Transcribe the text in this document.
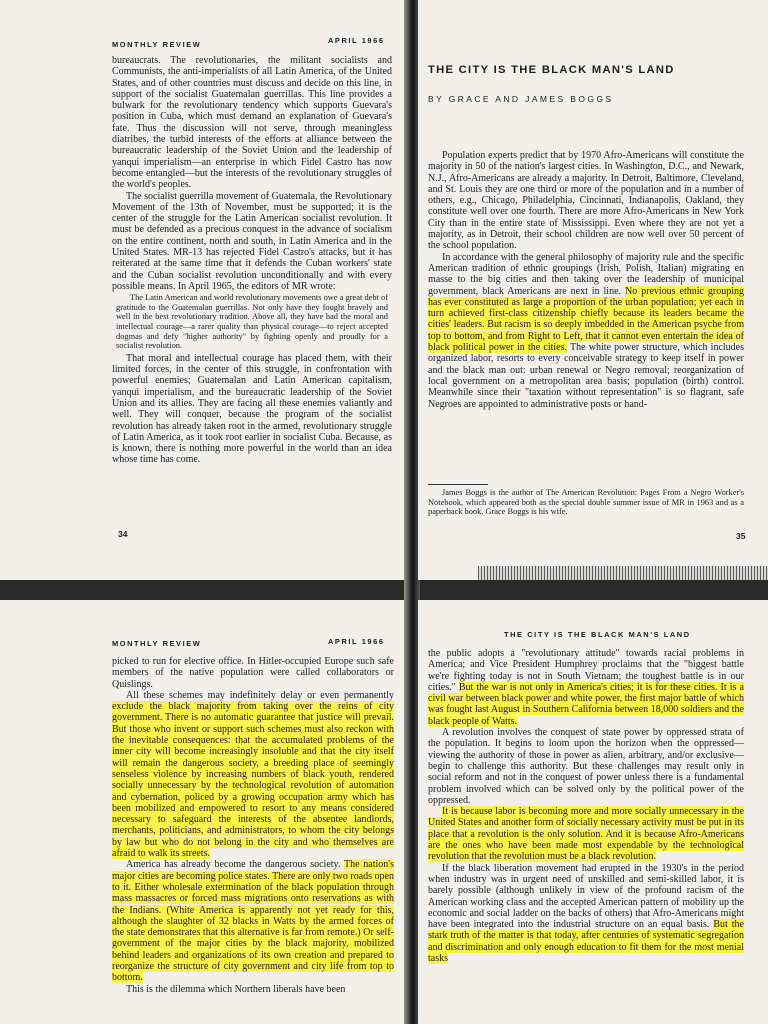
MONTHLY REVIEW	APRIL 1966

bureaucrats. The revolutionaries, the militant socialists and Communists, the anti-imperialists of all Latin America, of the United States, and of other countries must discuss and decide on this line, in support of the socialist Guatemalan guerrillas. This line provides a bulwark for the revolutionary tendency which supports Guevara's position in Cuba, which must demand an explanation of Guevara's fate. Thus the discussion will not serve, through meaningless diatribes, the turbid interests of the efforts at alliance between the bureaucratic leadership of the Soviet Union and the leadership of yanqui imperialism—an enterprise in which Fidel Castro has now become entangled—but the interests of the revolutionary struggles of the world's peoples.

The socialist guerrilla movement of Guatemala, the Revolutionary Movement of the 13th of November, must be supported; it is the center of the struggle for the Latin American socialist revolution. It must be defended as a precious conquest in the advance of socialism on the entire continent, north and south, in Latin America and in the United States. MR-13 has rejected Fidel Castro's attacks, but it has reiterated at the same time that it defends the Cuban workers' state and the Cuban socialist revolution unconditionally and with every possible means. In April 1965, the editors of MR wrote:

The Latin American and world revolutionary movements owe a great debt of gratitude to the Guatemalan guerrillas. Not only have they fought bravely and well in the best revolutionary tradition. Above all, they have had the moral and intellectual courage—a rarer quality than physical courage—to reject accepted dogmas and defy "higher authority" by fighting openly and proudly for a socialist revolution.

That moral and intellectual courage has placed them, with their limited forces, in the center of this struggle, in confrontation with powerful enemies; Guatemalan and Latin American capitalism, yanqui imperialism, and the bureaucratic leadership of the Soviet Union and its allies. They are facing all these enemies valiantly and well. They will conquer, because the program of the socialist revolution has already taken root in the armed, revolutionary struggle of Latin America, as it took root earlier in socialist Cuba. Because, as is known, there is nothing more powerful in the world than an idea whose time has come.

34
THE CITY IS THE BLACK MAN'S LAND
BY GRACE AND JAMES BOGGS

Population experts predict that by 1970 Afro-Americans will constitute the majority in 50 of the nation's largest cities. In Washington, D.C., and Newark, N.J., Afro-Americans are already a majority. In Detroit, Baltimore, Cleveland, and St. Louis they are one third or more of the population and in a number of others, e.g., Chicago, Philadelphia, Cincinnati, Indianapolis, Oakland, they constitute well over one fourth. There are more Afro-Americans in New York City than in the entire state of Mississippi. Even where they are not yet a majority, as in Detroit, their school children are now well over 50 percent of the school population.

In accordance with the general philosophy of majority rule and the specific American tradition of ethnic groupings (Irish, Polish, Italian) migrating en masse to the big cities and then taking over the leadership of municipal government, black Americans are next in line. No previous ethnic grouping has ever constituted as large a proportion of the urban population; yet each in turn achieved first-class citizenship chiefly because its leaders became the cities' leaders. But racism is so deeply imbedded in the American psyche from top to bottom, and from Right to Left, that it cannot even entertain the idea of black political power in the cities. The white power structure, which includes organized labor, resorts to every conceivable strategy to keep itself in power and the black man out: urban renewal or Negro removal; reorganization of local government on a metropolitan area basis; population (birth) control. Meanwhile since their "taxation without representation" is so flagrant, safe Negroes are appointed to administrative posts or hand-

James Boggs is the author of The American Revolution: Pages From a Negro Worker's Notebook, which appeared both as the special double summer issue of MR in 1963 and as a paperback book. Grace Boggs is his wife.

35
MONTHLY REVIEW	APRIL 1966

picked to run for elective office. In Hitler-occupied Europe such safe members of the native population were called collaborators or Quislings.

All these schemes may indefinitely delay or even permanently exclude the black majority from taking over the reins of city government. There is no automatic guarantee that justice will prevail. But those who invent or support such schemes must also reckon with the inevitable consequences: that the accumulated problems of the inner city will become increasingly insoluble and that the city itself will remain the dangerous society, a breeding place of seemingly senseless violence by increasing numbers of black youth, rendered socially unnecessary by the technological revolution of automation and cybernation, policed by a growing occupation army which has been mobilized and empowered to resort to any means considered necessary to safeguard the interests of the absentee landlords, merchants, politicians, and administrators, to whom the city belongs by law but who do not belong in the city and who themselves are afraid to walk its streets.

America has already become the dangerous society. The nation's major cities are becoming police states. There are only two roads open to it. Either wholesale extermination of the black population through mass massacres or forced mass migrations onto reservations as with the Indians. (White America is apparently not yet ready for this, although the slaughter of 32 blacks in Watts by the armed forces of the state demonstrates that this alternative is far from remote.) Or self-government of the major cities by the black majority, mobilized behind leaders and organizations of its own creation and prepared to reorganize the structure of city government and city life from top to bottom.

This is the dilemma which Northern liberals have been

THE CITY IS THE BLACK MAN'S LAND

the public adopts a "revolutionary attitude" towards racial problems in America; and Vice President Humphrey proclaims that the "biggest battle we're fighting today is not in South Vietnam; the toughest battle is in our cities." But the war is not only in America's cities; it is for these cities. It is a civil war between black power and white power, the first major battle of which was fought last August in Southern California between 18,000 soldiers and the black people of Watts.

A revolution involves the conquest of state power by oppressed strata of the population. It begins to loom upon the horizon when the oppressed—viewing the authority of those in power as alien, arbitrary, and/or exclusive—begin to challenge this authority. But these challenges may result only in social reform and not in the conquest of power unless there is a fundamental problem involved which can be solved only by the political power of the oppressed.

It is because labor is becoming more and more socially unnecessary in the United States and another form of socially necessary activity must be put in its place that a revolution is the only solution. And it is because Afro-Americans are the ones who have been made most expendable by the technological revolution that the revolution must be a black revolution.

If the black liberation movement had erupted in the 1930's in the period when industry was in urgent need of unskilled and semi-skilled labor, it is barely possible (although unlikely in view of the profound racism of the American working class and the accepted American pattern of mobility up the economic and social ladder on the backs of others) that Afro-Americans might have been integrated into the industrial structure on an equal basis. But the stark truth of the matter is that today, after centuries of systematic segregation and discrimination and only enough education to fit them for the most menial tasks
